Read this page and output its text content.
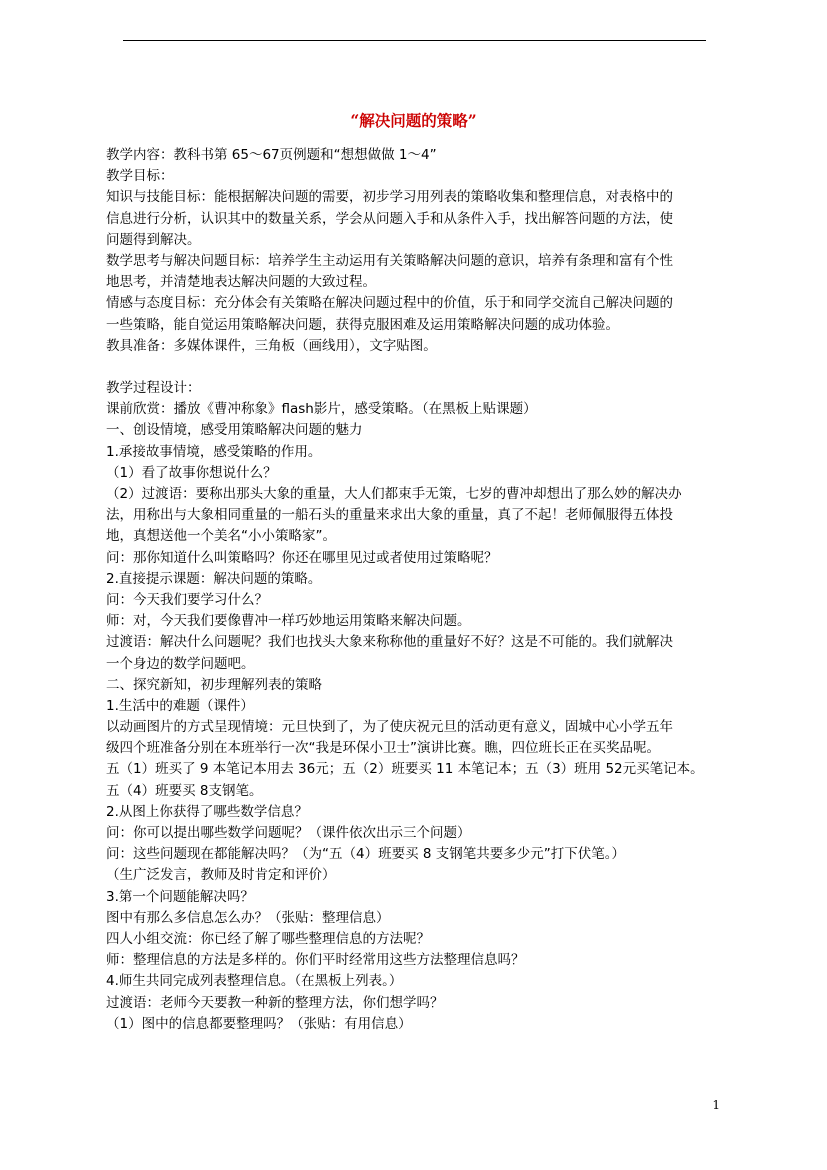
“解决问题的策略”
教学内容：教科书第 65～67页例题和“想想做做 1～4”
教学目标：
知识与技能目标：能根据解决问题的需要，初步学习用列表的策略收集和整理信息，对表格中的
信息进行分析，认识其中的数量关系，学会从问题入手和从条件入手，找出解答问题的方法，使
问题得到解决。
数学思考与解决问题目标：培养学生主动运用有关策略解决问题的意识，培养有条理和富有个性
地思考，并清楚地表达解决问题的大致过程。
情感与态度目标：充分体会有关策略在解决问题过程中的价值，乐于和同学交流自己解决问题的
一些策略，能自觉运用策略解决问题，获得克服困难及运用策略解决问题的成功体验。
教具准备：多媒体课件，三角板（画线用），文字贴图。
教学过程设计：
课前欣赏：播放《曹冲称象》flash影片，感受策略。（在黑板上贴课题）
一、创设情境，感受用策略解决问题的魅力
1.承接故事情境，感受策略的作用。
（1）看了故事你想说什么？
（2）过渡语：要称出那头大象的重量，大人们都束手无策，七岁的曹冲却想出了那么妙的解决办
法，用称出与大象相同重量的一船石头的重量来求出大象的重量，真了不起！老师佩服得五体投
地，真想送他一个美名“小小策略家”。
问：那你知道什么叫策略吗？你还在哪里见过或者使用过策略呢？
2.直接提示课题：解决问题的策略。
问：今天我们要学习什么？
师：对，今天我们要像曹冲一样巧妙地运用策略来解决问题。
过渡语：解决什么问题呢？我们也找头大象来称称他的重量好不好？这是不可能的。我们就解决
一个身边的数学问题吧。
二、探究新知，初步理解列表的策略
1.生活中的难题（课件）
以动画图片的方式呈现情境：元旦快到了，为了使庆祝元旦的活动更有意义，固城中心小学五年
级四个班准备分别在本班举行一次“我是环保小卫士”演讲比赛。瞧，四位班长正在买奖品呢。
五（1）班买了 9 本笔记本用去 36元；五（2）班要买 11 本笔记本；五（3）班用 52元买笔记本。
五（4）班要买 8支钢笔。
2.从图上你获得了哪些数学信息？
问：你可以提出哪些数学问题呢？（课件依次出示三个问题）
问：这些问题现在都能解决吗？（为“五（4）班要买 8 支钢笔共要多少元”打下伏笔。）
（生广泛发言，教师及时肯定和评价）
3.第一个问题能解决吗？
图中有那么多信息怎么办？（张贴：整理信息）
四人小组交流：你已经了解了哪些整理信息的方法呢？
师：整理信息的方法是多样的。你们平时经常用这些方法整理信息吗？
4.师生共同完成列表整理信息。（在黑板上列表。）
过渡语：老师今天要教一种新的整理方法，你们想学吗？
（1）图中的信息都要整理吗？（张贴：有用信息）
1
